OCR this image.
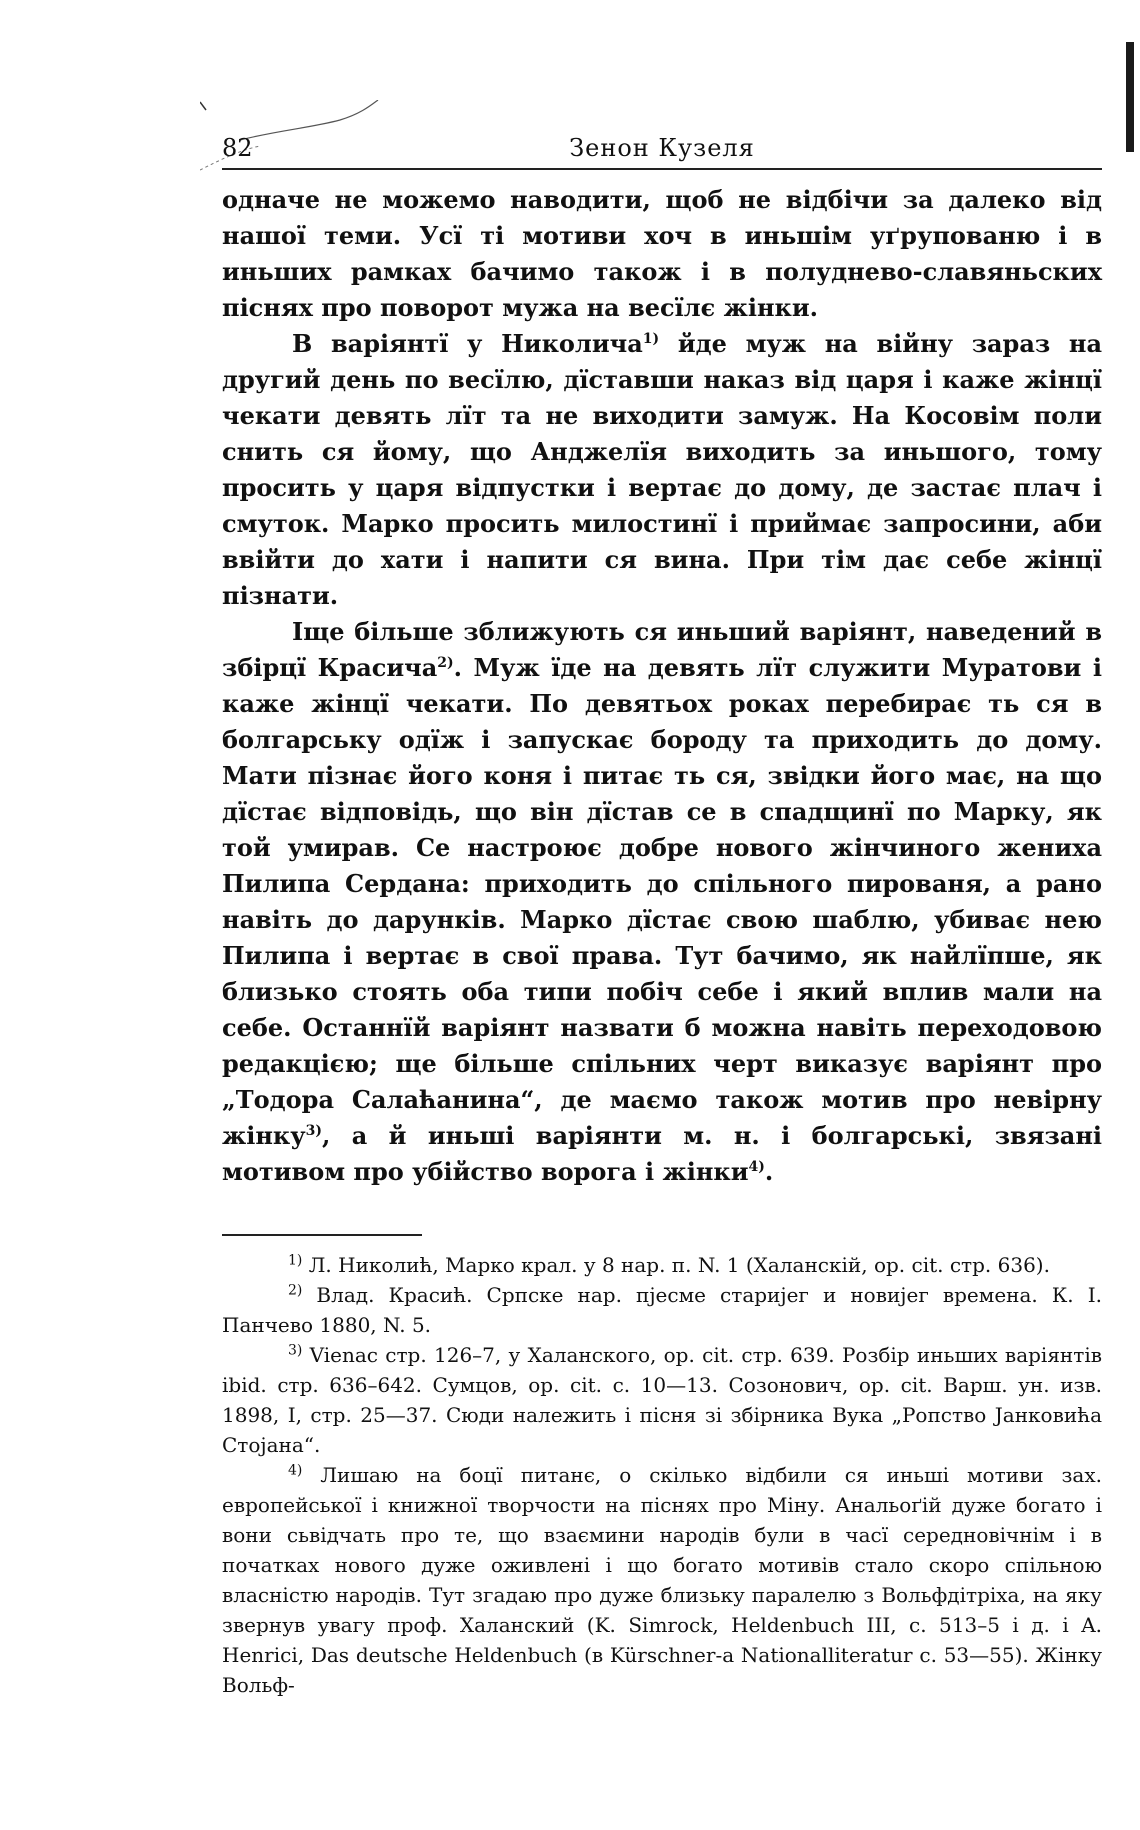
82	Зенон Кузеля

одначе не можемо наводити, щоб не відбічи за далеко від нашої теми. Усї ті мотиви хоч в иньшім уґрупованю і в иньших рамках бачимо також і в полуднево-славяньских піснях про поворот мужа на весїлє жінки.

В варіянтї у Николича$^{1)}$ йде муж на війну зараз на другий день по весїлю, дїставши наказ від царя і каже жінцї чекати девять лїт та не виходити замуж. На Косовім поли снить ся йому, що Анджелїя виходить за иньшого, тому просить у царя відпустки і вертає до дому, де застає плач і смуток. Марко просить милостинї і приймає запросини, аби ввійти до хати і напити ся вина. При тім дає себе жінцї пізнати.

Іще більше зближують ся иньший варіянт, наведений в збірцї Красича$^{2)}$. Муж їде на девять лїт служити Муратови і каже жінцї чекати. По девятьох роках перебирає ть ся в болгарську одїж і запускає бороду та приходить до дому. Мати пізнає його коня і питає ть ся, звідки його має, на що дїстає відповідь, що він дїстав се в спадщинї по Марку, як той умирав. Се настроює добре нового жінчиного жениха Пилипа Сердана: приходить до спільного пированя, а рано навіть до дарунків. Марко дїстає свою шаблю, убиває нею Пилипа і вертає в свої права. Тут бачимо, як найлїпше, як близько стоять оба типи побіч себе і який вплив мали на себе. Останнїй варіянт назвати б можна навіть переходовою редакцією; ще більше спільних черт виказує варіянт про „Тодора Салаћанина“, де маємо також мотив про невірну жінку$^{3)}$, а й иньші варіянти м. н. і болгарські, звязані мотивом про убійство ворога і жінки$^{4)}$.

$^{1)}$ Л. Николић, Марко крал. у 8 нар. п. N. 1 (Халанскій, op. cit. стр. 636).

$^{2)}$ Влад. Красић. Српске нар. пjесме старијег и новијег времена. К. I. Панчево 1880, N. 5.

$^{3)}$ Vienac стр. 126–7, у Халанского, op. cit. стр. 639. Розбір иньших варіянтів ibid. стр. 636–642. Сумцов, op. cit. с. 10—13. Созонович, op. cit. Варш. ун. изв. 1898, I, стр. 25—37. Сюди належить і пісня зі збірника Вука „Ропство Јанковића Стојана“.

$^{4)}$ Лишаю на боцї питанє, о скілько відбили ся иньші мотиви зах. европейської і книжної творчости на піснях про Міну. Анальоґій дуже богато і вони сьвідчать про те, що взаємини народів були в часї середновічнім і в початках нового дуже оживлені і що богато мотивів стало скоро спільною власністю народів. Тут згадаю про дуже близьку паралелю з Вольфдітріха, на яку звернув увагу проф. Халанский (K. Simrock, Heldenbuch III, с. 513–5 і д. і A. Henrici, Das deutsche Heldenbuch (в Kürschner-а Nationalliteratur с. 53—55). Жінку Вольф-
